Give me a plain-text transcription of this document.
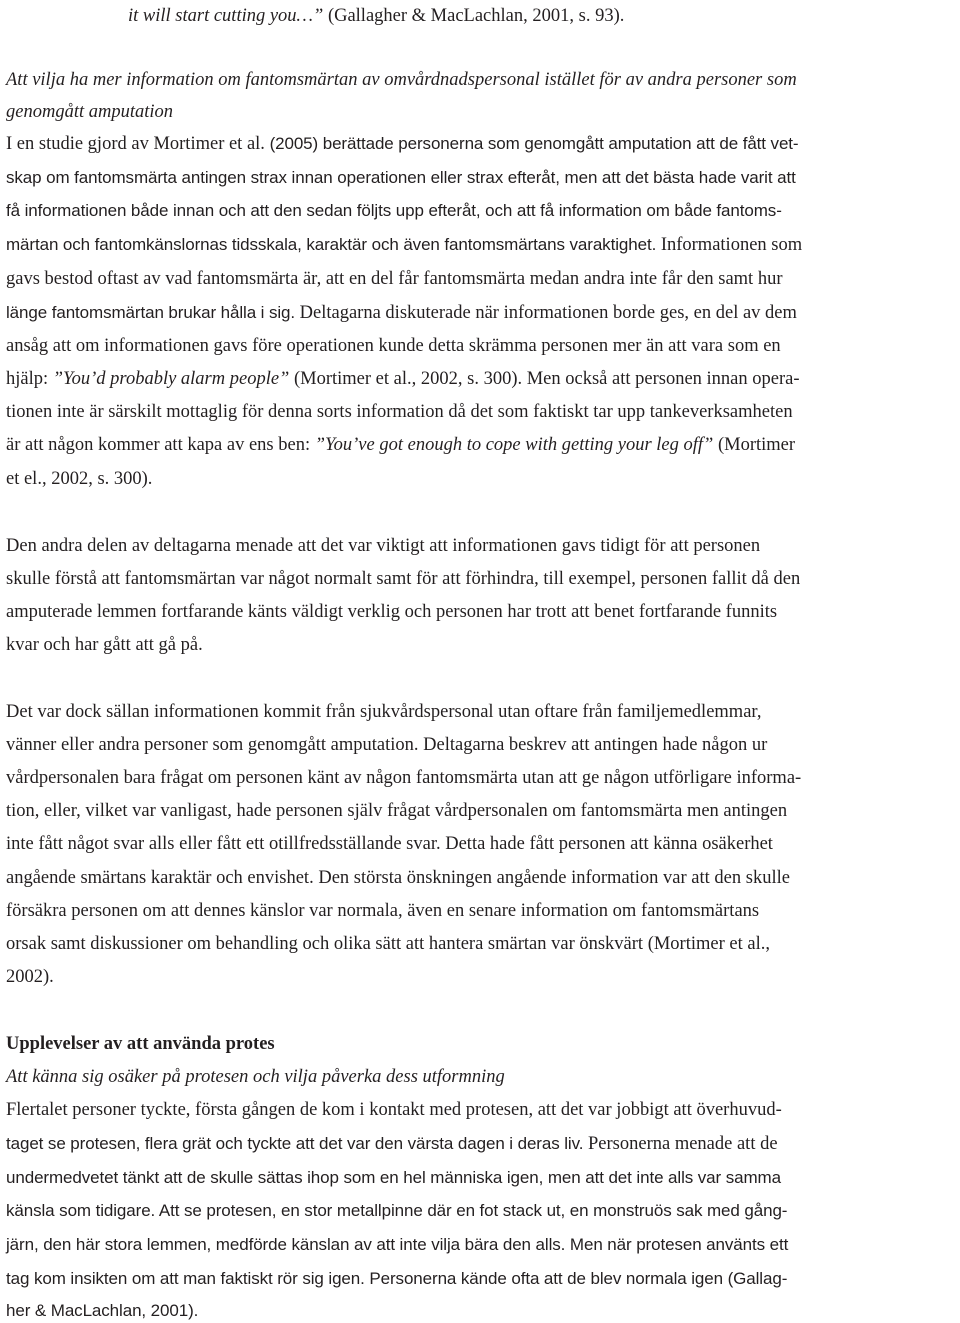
it will start cutting you…” (Gallagher & MacLachlan, 2001, s. 93).
Att vilja ha mer information om fantomsmärtan av omvårdnadspersonal istället för av andra personer som
genomgått amputation
I en studie gjord av Mortimer et al. (2005) berättade personerna som genomgått amputation att de fått vet-
skap om fantomsmärta antingen strax innan operationen eller strax efteråt, men att det bästa hade varit att
få informationen både innan och att den sedan följts upp efteråt, och att få information om både fantoms-
märtan och fantomkänslornas tidsskala, karaktär och även fantomsmärtans varaktighet. Informationen som
gavs bestod oftast av vad fantomsmärta är, att en del får fantomsmärta medan andra inte får den samt hur
länge fantomsmärtan brukar hålla i sig. Deltagarna diskuterade när informationen borde ges, en del av dem
ansåg att om informationen gavs före operationen kunde detta skrämma personen mer än att vara som en
hjälp: ”You’d probably alarm people” (Mortimer et al., 2002, s. 300). Men också att personen innan opera-
tionen inte är särskilt mottaglig för denna sorts information då det som faktiskt tar upp tankeverksamheten
är att någon kommer att kapa av ens ben: ”You’ve got enough to cope with getting your leg off” (Mortimer
et el., 2002, s. 300).
Den andra delen av deltagarna menade att det var viktigt att informationen gavs tidigt för att personen
skulle förstå att fantomsmärtan var något normalt samt för att förhindra, till exempel, personen fallit då den
amputerade lemmen fortfarande känts väldigt verklig och personen har trott att benet fortfarande funnits
kvar och har gått att gå på.
Det var dock sällan informationen kommit från sjukvårdspersonal utan oftare från familjemedlemmar,
vänner eller andra personer som genomgått amputation. Deltagarna beskrev att antingen hade någon ur
vårdpersonalen bara frågat om personen känt av någon fantomsmärta utan att ge någon utförligare informa-
tion, eller, vilket var vanligast, hade personen själv frågat vårdpersonalen om fantomsmärta men antingen
inte fått något svar alls eller fått ett otillfredsställande svar. Detta hade fått personen att känna osäkerhet
angående smärtans karaktär och envishet. Den största önskningen angående information var att den skulle
försäkra personen om att dennes känslor var normala, även en senare information om fantomsmärtans
orsak samt diskussioner om behandling och olika sätt att hantera smärtan var önskvärt (Mortimer et al.,
2002).
Upplevelser av att använda protes
Att känna sig osäker på protesen och vilja påverka dess utformning
Flertalet personer tyckte, första gången de kom i kontakt med protesen, att det var jobbigt att överhuvud-
taget se protesen, flera grät och tyckte att det var den värsta dagen i deras liv. Personerna menade att de
undermedvetet tänkt att de skulle sättas ihop som en hel människa igen, men att det inte alls var samma
känsla som tidigare. Att se protesen, en stor metallpinne där en fot stack ut, en monstruös sak med gång-
järn, den här stora lemmen, medförde känslan av att inte vilja bära den alls. Men när protesen använts ett
tag kom insikten om att man faktiskt rör sig igen. Personerna kände ofta att de blev normala igen (Gallag-
her & MacLachlan, 2001).
